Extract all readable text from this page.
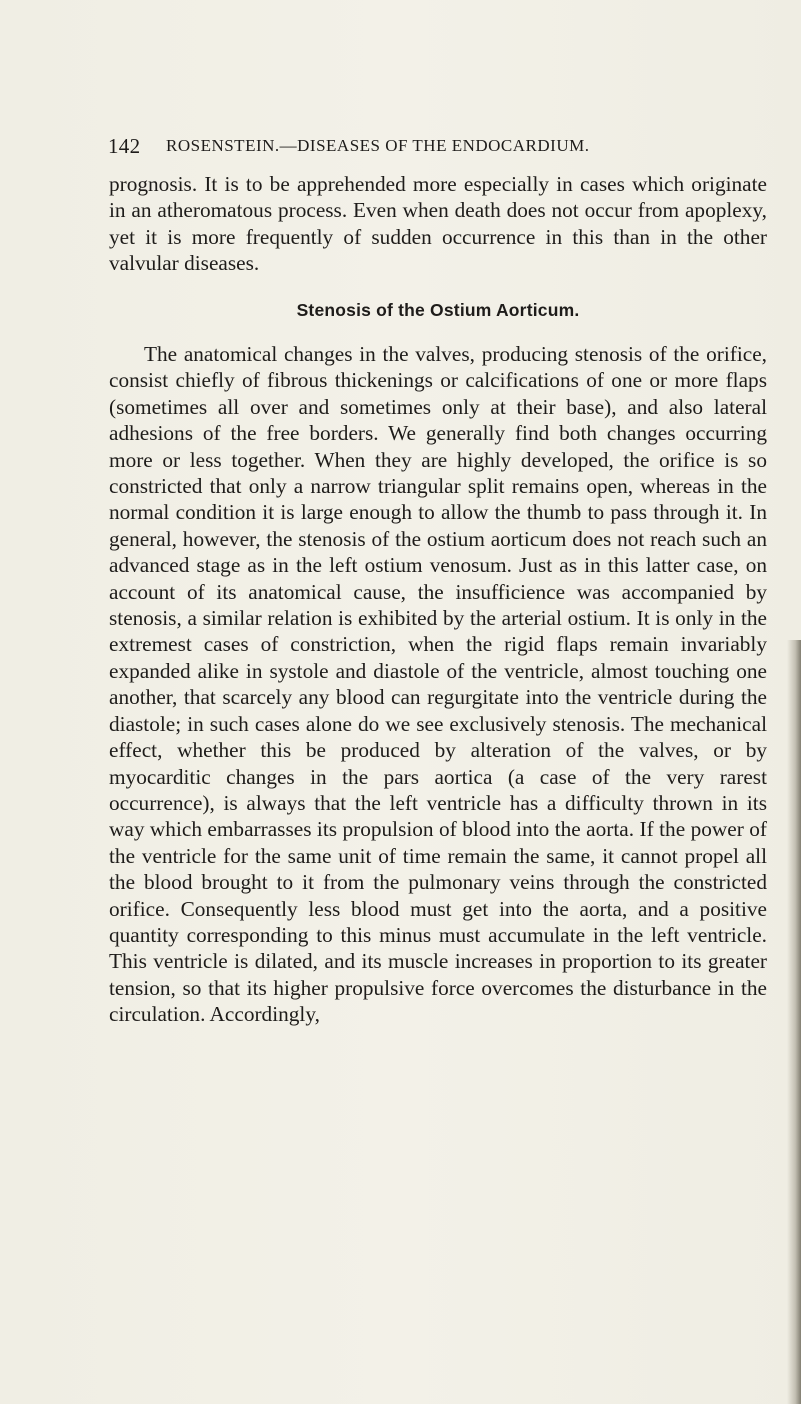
142 ROSENSTEIN.—DISEASES OF THE ENDOCARDIUM.
prognosis. It is to be apprehended more especially in cases which originate in an atheromatous process. Even when death does not occur from apoplexy, yet it is more frequently of sudden occurrence in this than in the other valvular diseases.
Stenosis of the Ostium Aorticum.
The anatomical changes in the valves, producing stenosis of the orifice, consist chiefly of fibrous thickenings or calcifications of one or more flaps (sometimes all over and sometimes only at their base), and also lateral adhesions of the free borders. We generally find both changes occurring more or less together. When they are highly developed, the orifice is so constricted that only a narrow triangular split remains open, whereas in the normal condition it is large enough to allow the thumb to pass through it. In general, however, the stenosis of the ostium aorticum does not reach such an advanced stage as in the left ostium venosum. Just as in this latter case, on account of its anatomical cause, the insufficience was accompanied by stenosis, a similar relation is exhibited by the arterial ostium. It is only in the extremest cases of constriction, when the rigid flaps remain invariably expanded alike in systole and diastole of the ventricle, almost touching one another, that scarcely any blood can regurgitate into the ventricle during the diastole; in such cases alone do we see exclusively stenosis. The mechanical effect, whether this be produced by alteration of the valves, or by myocarditic changes in the pars aortica (a case of the very rarest occurrence), is always that the left ventricle has a difficulty thrown in its way which embarrasses its propulsion of blood into the aorta. If the power of the ventricle for the same unit of time remain the same, it cannot propel all the blood brought to it from the pulmonary veins through the constricted orifice. Consequently less blood must get into the aorta, and a positive quantity corresponding to this minus must accumulate in the left ventricle. This ventricle is dilated, and its muscle increases in proportion to its greater tension, so that its higher propulsive force overcomes the disturbance in the circulation. Accordingly,
